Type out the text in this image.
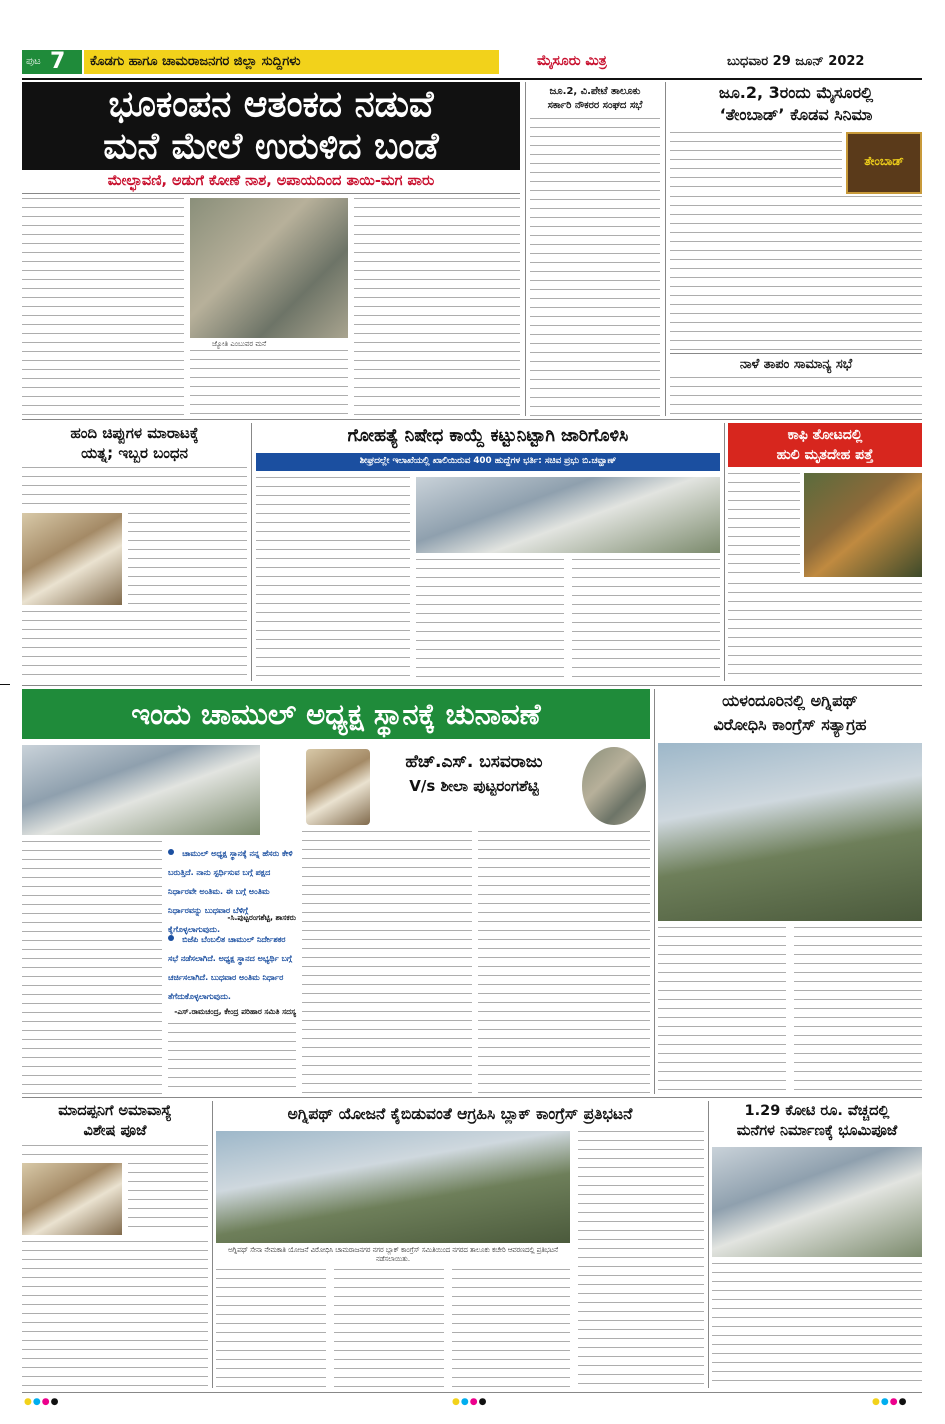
ಪುಟ 7 ಕೊಡಗು ಹಾಗೂ ಚಾಮರಾಜನಗರ ಜಿಲ್ಲಾ ಸುದ್ದಿಗಳು	ಮೈಸೂರು ಮಿತ್ರ	ಬುಧವಾರ 29 ಜೂನ್ 2022
ಭೂಕಂಪನ ಆತಂಕದ ನಡುವೆ
ಮನೆ ಮೇಲೆ ಉರುಳಿದ ಬಂಡೆ
ಮೇಲ್ಛಾವಣಿ, ಅಡುಗೆ ಕೋಣೆ ನಾಶ, ಅಪಾಯದಿಂದ ತಾಯಿ-ಮಗ ಪಾರು
ಜ್ಯೋತಿ ಎಂಬುವರ ಮನೆ
ಜೂ.2, ವಿ.ಪೇಟೆ ತಾಲೂಕು
ಸರ್ಕಾರಿ ನೌಕರರ ಸಂಘದ ಸಭೆ
ಜೂ.2, 3ರಂದು ಮೈಸೂರಲ್ಲಿ
‘ತೇಂಬಾಡ್’ ಕೊಡವ ಸಿನಿಮಾ
ತೇಂಬಾಡ್
ನಾಳೆ ತಾಪಂ ಸಾಮಾನ್ಯ ಸಭೆ
ಹಂದಿ ಚಿಪ್ಪುಗಳ ಮಾರಾಟಕ್ಕೆ
ಯತ್ನ; ಇಬ್ಬರ ಬಂಧನ
ಗೋಹತ್ಯೆ ನಿಷೇಧ ಕಾಯ್ದೆ ಕಟ್ಟುನಿಟ್ಟಾಗಿ ಜಾರಿಗೊಳಿಸಿ
ಶೀಘ್ರದಲ್ಲೇ ಇಲಾಖೆಯಲ್ಲಿ ಖಾಲಿಯಿರುವ 400 ಹುದ್ದೆಗಳ ಭರ್ತಿ: ಸಚಿವ ಪ್ರಭು ಬಿ.ಚವ್ಹಾಣ್
ಕಾಫಿ ತೋಟದಲ್ಲಿ
ಹುಲಿ ಮೃತದೇಹ ಪತ್ತೆ
ಇಂದು ಚಾಮುಲ್ ಅಧ್ಯಕ್ಷ ಸ್ಥಾನಕ್ಕೆ ಚುನಾವಣೆ
ಹೆಚ್.ಎಸ್. ಬಸವರಾಜು
V/s ಶೀಲಾ ಪುಟ್ಟರಂಗಶೆಟ್ಟಿ
ಚಾಮುಲ್ ಅಧ್ಯಕ್ಷ ಸ್ಥಾನಕ್ಕೆ ನನ್ನ ಹೆಸರು ಕೇಳಿ ಬರುತ್ತಿದೆ. ನಾನು ಸ್ಪರ್ಧಿಸುವ ಬಗ್ಗೆ ಪಕ್ಷದ ನಿರ್ಧಾರವೇ ಅಂತಿಮ. ಈ ಬಗ್ಗೆ ಅಂತಿಮ ನಿರ್ಧಾರವನ್ನು ಬುಧವಾರ ಬೆಳಿಗ್ಗೆ ಕೈಗೊಳ್ಳಲಾಗುವುದು.
-ಸಿ.ಪುಟ್ಟರಂಗಶೆಟ್ಟಿ, ಶಾಸಕರು
ಬಿಜೆಪಿ ಬೆಂಬಲಿತ ಚಾಮುಲ್ ನಿರ್ದೇಶಕರ ಸಭೆ ನಡೆಸಲಾಗಿದೆ. ಅಧ್ಯಕ್ಷ ಸ್ಥಾನದ ಅಭ್ಯರ್ಥಿ ಬಗ್ಗೆ ಚರ್ಚಿಸಲಾಗಿದೆ. ಬುಧವಾರ ಅಂತಿಮ ನಿರ್ಧಾರ ತೆಗೆದುಕೊಳ್ಳಲಾಗುವುದು.
-ಎಸ್.ರಾಮಚಂದ್ರ, ಕೇಂದ್ರ ಪರಿಹಾರ ಸಮಿತಿ ಸದಸ್ಯ
ಯಳಂದೂರಿನಲ್ಲಿ ಅಗ್ನಿಪಥ್
ವಿರೋಧಿಸಿ ಕಾಂಗ್ರೆಸ್ ಸತ್ಯಾಗ್ರಹ
ಮಾದಪ್ಪನಿಗೆ ಅಮಾವಾಸ್ಯೆ
ವಿಶೇಷ ಪೂಜೆ
ಅಗ್ನಿಪಥ್ ಯೋಜನೆ ಕೈಬಿಡುವಂತೆ ಆಗ್ರಹಿಸಿ ಬ್ಲಾಕ್ ಕಾಂಗ್ರೆಸ್ ಪ್ರತಿಭಟನೆ
ಅಗ್ನಿಪಥ್ ಸೇನಾ ನೇಮಕಾತಿ ಯೋಜನೆ ವಿರೋಧಿಸಿ ಚಾಮರಾಜನಗರ ನಗರ ಬ್ಲಾಕ್ ಕಾಂಗ್ರೆಸ್ ಸಮಿತಿಯಿಂದ ನಗರದ ತಾಲೂಕು ಕಚೇರಿ ಆವರಣದಲ್ಲಿ ಪ್ರತಿಭಟನೆ ನಡೆಸಲಾಯಿತು.
1.29 ಕೋಟಿ ರೂ. ವೆಚ್ಚದಲ್ಲಿ
ಮನೆಗಳ ನಿರ್ಮಾಣಕ್ಕೆ ಭೂಮಿಪೂಜೆ
●●●●	●●●●	●●●●
